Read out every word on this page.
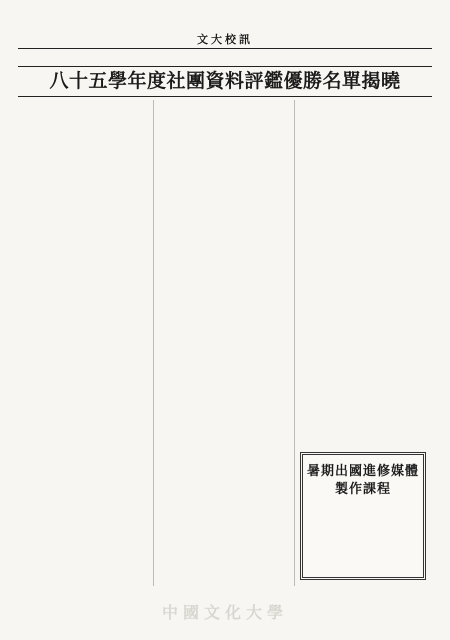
文大校訊
八十五學年度社團資料評鑑優勝名單揭曉

暑期出國進修媒體製作課程

中國文化大學
